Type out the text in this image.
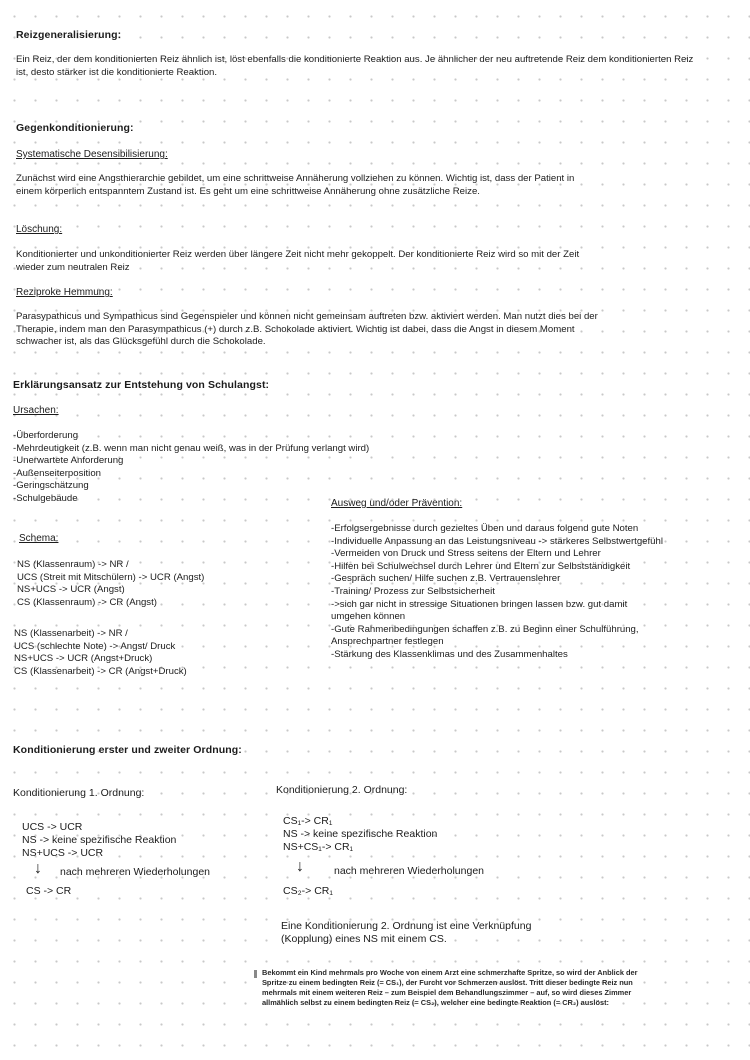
Reizgeneralisierung:

Ein Reiz, der dem konditionierten Reiz ähnlich ist, löst ebenfalls die konditionierte Reaktion aus. Je ähnlicher der neu auftretende Reiz dem konditionierten Reiz ist, desto stärker ist die konditionierte Reaktion.

Gegenkonditionierung:
Systematische Desensibilisierung:

Zunächst wird eine Angsthierarchie gebildet, um eine schrittweise Annäherung vollziehen zu können. Wichtig ist, dass der Patient in einem körperlich entspanntem Zustand ist. Es geht um eine schrittweise Annäherung ohne zusätzliche Reize.

Löschung:

Konditionierter und unkonditionierter Reiz werden über längere Zeit nicht mehr gekoppelt. Der konditionierte Reiz wird so mit der Zeit wieder zum neutralen Reiz

Reziproke Hemmung:

Parasypathicus und Sympathicus sind Gegenspieler und können nicht gemeinsam auftreten bzw. aktiviert werden. Man nutzt dies bei der Therapie, indem man den Parasympathicus (+) durch z.B. Schokolade aktiviert. Wichtig ist dabei, dass die Angst in diesem Moment schwacher ist, als das Glücksgefühl durch die Schokolade.

Erklärungsansatz zur Entstehung von Schulangst:
Ursachen:
-Überforderung
-Mehrdeutigkeit (z.B. wenn man nicht genau weiß, was in der Prüfung verlangt wird)
-Unerwartete Anforderung
-Außenseiterposition
-Geringschätzung
-Schulgebäude	Ausweg und/oder Prävention:
-Erfolgsergebnisse durch gezieltes Üben und daraus folgend gute Noten
-Individuelle Anpassung an das Leistungsniveau -> stärkeres Selbstwertgefühl
-Vermeiden von Druck und Stress seitens der Eltern und Lehrer
-Hilfen bei Schulwechsel durch Lehrer und Eltern zur Selbstständigkeit
-Gespräch suchen/ Hilfe suchen z.B. Vertrauenslehrer
-Training/ Prozess zur Selbstsicherheit
->sich gar nicht in stressige Situationen bringen lassen bzw. gut damit
umgehen können
-Gute Rahmenbedingungen schaffen z.B. zu Beginn einer Schulführung,
Ansprechpartner festlegen
-Stärkung des Klassenklimas und des Zusammenhaltes
Schema:
NS (Klassenraum) -> NR /
UCS (Streit mit Mitschülern) -> UCR (Angst)
NS+UCS -> UCR (Angst)
CS (Klassenraum) -> CR (Angst)
NS (Klassenarbeit) -> NR /
UCS (schlechte Note) -> Angst/ Druck
NS+UCS -> UCR (Angst+Druck)
CS (Klassenarbeit) -> CR (Angst+Druck)
Konditionierung erster und zweiter Ordnung:
Konditionierung 1. Ordnung:
UCS -> UCR
NS -> keine spezifische Reaktion
NS+UCS -> UCR
↓ nach mehreren Wiederholungen
CS -> CR
Konditionierung 2. Ordnung:
CS₁-> CR₁
NS -> keine spezifische Reaktion
NS+CS₁-> CR₁
↓	nach mehreren Wiederholungen
CS₂-> CR₁

Eine Konditionierung 2. Ordnung ist eine Verknüpfung (Kopplung) eines NS mit einem CS.

Bekommt ein Kind mehrmals pro Woche von einem Arzt eine schmerzhafte Spritze, so wird der Anblick der Spritze zu einem bedingten Reiz (= CS₁), der Furcht vor Schmerzen auslöst. Tritt dieser bedingte Reiz nun mehrmals mit einem weiteren Reiz – zum Beispiel dem Behandlungszimmer – auf, so wird dieses Zimmer allmählich selbst zu einem bedingten Reiz (= CS₂), welcher eine bedingte Reaktion (= CR₂) auslöst:
